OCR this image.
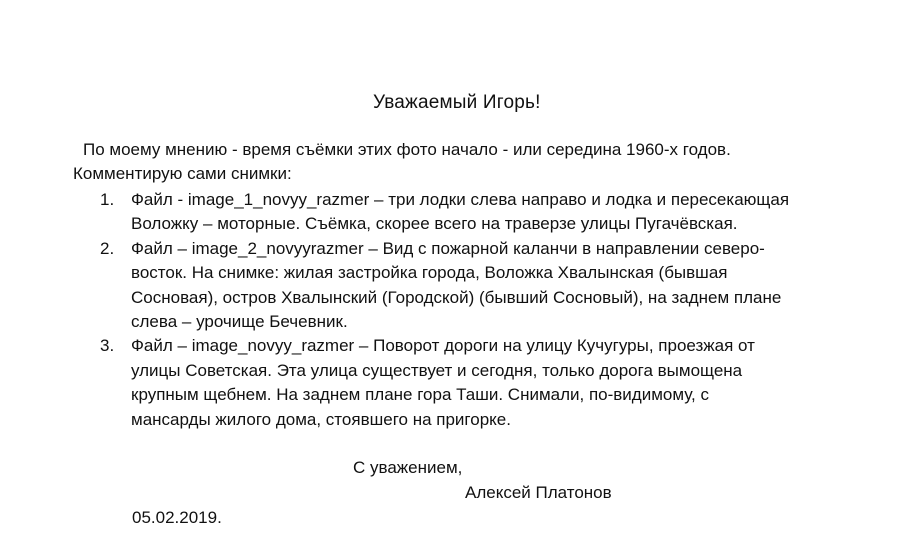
Уважаемый Игорь!
По моему мнению - время съёмки этих фото начало - или середина 1960-х годов.
Комментирую сами снимки:
1. Файл - image_1_novyy_razmer – три лодки слева направо и лодка и пересекающая
Воложку – моторные. Съёмка, скорее всего на траверзе улицы Пугачёвская.
2. Файл – image_2_novyyrazmer – Вид с пожарной каланчи в направлении северо-
восток. На снимке: жилая застройка города, Воложка Хвалынская (бывшая
Сосновая), остров Хвалынский (Городской) (бывший Сосновый), на заднем плане
слева – урочище Бечевник.
3. Файл – image_novyy_razmer – Поворот дороги на улицу Кучугуры, проезжая от
улицы Советская. Эта улица существует и сегодня, только дорога вымощена
крупным щебнем. На заднем плане гора Таши. Снимали, по-видимому, с
мансарды жилого дома, стоявшего на пригорке.
С уважением,
Алексей Платонов
05.02.2019.
